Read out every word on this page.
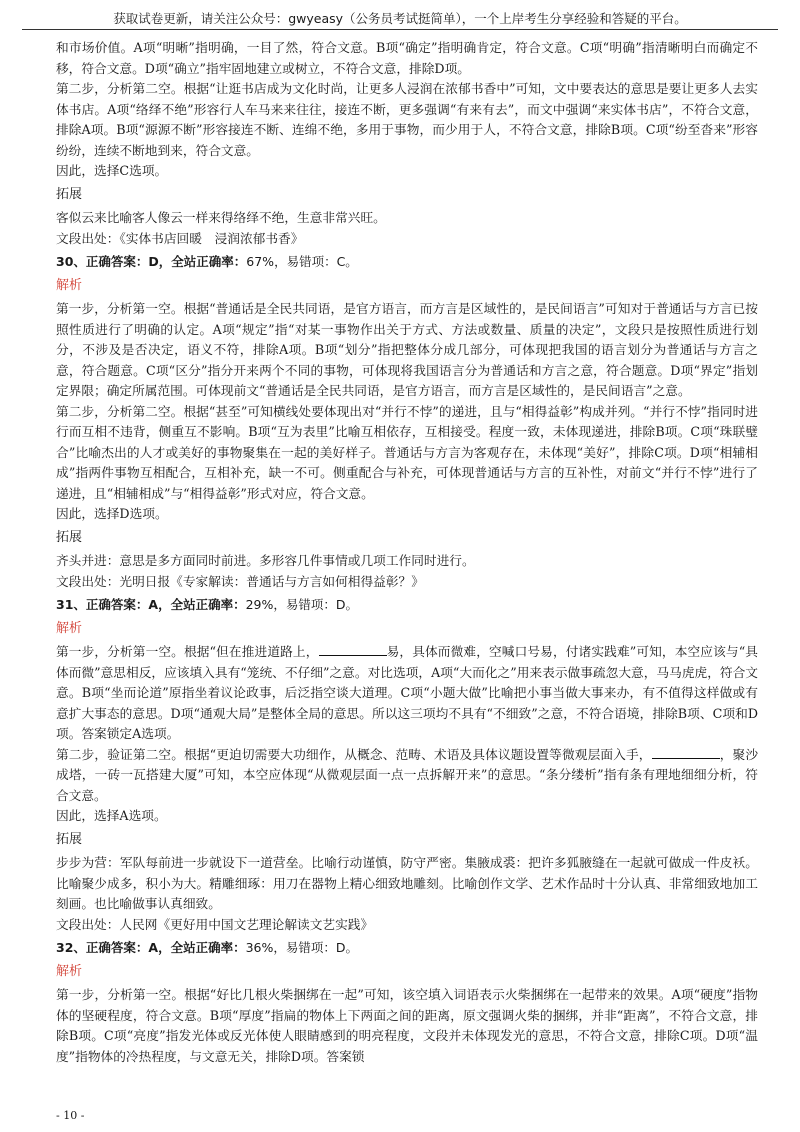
获取试卷更新，请关注公众号：gwyeasy（公务员考试挺简单），一个上岸考生分享经验和答疑的平台。

和市场价值。A项“明晰”指明确，一目了然，符合文意。B项“确定”指明确肯定，符合文意。C项“明确”指清晰明白而确定不移，符合文意。D项“确立”指牢固地建立或树立，不符合文意，排除D项。

第二步，分析第二空。根据“让逛书店成为文化时尚，让更多人浸润在浓郁书香中”可知，文中要表达的意思是要让更多人去实体书店。A项“络绎不绝”形容行人车马来来往往，接连不断，更多强调“有来有去”，而文中强调“来实体书店”，不符合文意，排除A项。B项“源源不断”形容接连不断、连绵不绝，多用于事物，而少用于人，不符合文意，排除B项。C项“纷至沓来”形容纷纷，连续不断地到来，符合文意。

因此，选择C选项。

拓展

客似云来比喻客人像云一样来得络绎不绝，生意非常兴旺。

文段出处：《实体书店回暖　浸润浓郁书香》

30、正确答案：D，全站正确率：67%，易错项：C。

解析

第一步，分析第一空。根据“普通话是全民共同语，是官方语言，而方言是区域性的，是民间语言”可知对于普通话与方言已按照性质进行了明确的认定。A项“规定”指“对某一事物作出关于方式、方法或数量、质量的决定”，文段只是按照性质进行划分，不涉及是否决定，语义不符，排除A项。B项“划分”指把整体分成几部分，可体现把我国的语言划分为普通话与方言之意，符合题意。C项“区分”指分开来两个不同的事物，可体现将我国语言分为普通话和方言之意，符合题意。D项“界定”指划定界限；确定所属范围。可体现前文“普通话是全民共同语，是官方语言，而方言是区域性的，是民间语言”之意。

第二步，分析第二空。根据“甚至”可知横线处要体现出对“并行不悖”的递进，且与“相得益彰”构成并列。“并行不悖”指同时进行而互相不违背，侧重互不影响。B项“互为表里”比喻互相依存，互相接受。程度一致，未体现递进，排除B项。C项“珠联璧合”比喻杰出的人才或美好的事物聚集在一起的美好样子。普通话与方言为客观存在，未体现“美好”，排除C项。D项“相辅相成”指两件事物互相配合，互相补充，缺一不可。侧重配合与补充，可体现普通话与方言的互补性，对前文“并行不悖”进行了递进，且“相辅相成”与“相得益彰”形式对应，符合文意。

因此，选择D选项。

拓展

齐头并进：意思是多方面同时前进。多形容几件事情或几项工作同时进行。

文段出处：光明日报《专家解读：普通话与方言如何相得益彰？》

31、正确答案：A，全站正确率：29%，易错项：D。

解析

第一步，分析第一空。根据“但在推进道路上，	易，具体而微难，空喊口号易，付诸实践难”可知，本空应该与“具体而微”意思相反，应该填入具有“笼统、不仔细”之意。对比选项，A项“大而化之”用来表示做事疏忽大意，马马虎虎，符合文意。B项“坐而论道”原指坐着议论政事，后泛指空谈大道理。C项“小题大做”比喻把小事当做大事来办，有不值得这样做或有意扩大事态的意思。D项“通观大局”是整体全局的意思。所以这三项均不具有“不细致”之意，不符合语境，排除B项、C项和D项。答案锁定A选项。

第二步，验证第二空。根据“更迫切需要大功细作，从概念、范畴、术语及具体议题设置等微观层面入手，	，聚沙成塔，一砖一瓦搭建大厦”可知，本空应体现“从微观层面一点一点拆解开来”的意思。“条分缕析”指有条有理地细细分析，符合文意。

因此，选择A选项。

拓展

步步为营：军队每前进一步就设下一道营垒。比喻行动谨慎，防守严密。集腋成裘：把许多狐腋缝在一起就可做成一件皮袄。比喻聚少成多，积小为大。精雕细琢：用刀在器物上精心细致地雕刻。比喻创作文学、艺术作品时十分认真、非常细致地加工刻画。也比喻做事认真细致。

文段出处：人民网《更好用中国文艺理论解读文艺实践》

32、正确答案：A，全站正确率：36%，易错项：D。

解析

第一步，分析第一空。根据“好比几根火柴捆绑在一起”可知，该空填入词语表示火柴捆绑在一起带来的效果。A项“硬度”指物体的坚硬程度，符合文意。B项“厚度”指扁的物体上下两面之间的距离，原文强调火柴的捆绑，并非“距离”，不符合文意，排除B项。C项“亮度”指发光体或反光体使人眼睛感到的明亮程度，文段并未体现发光的意思，不符合文意，排除C项。D项“温度”指物体的冷热程度，与文意无关，排除D项。答案锁

- 10 -
